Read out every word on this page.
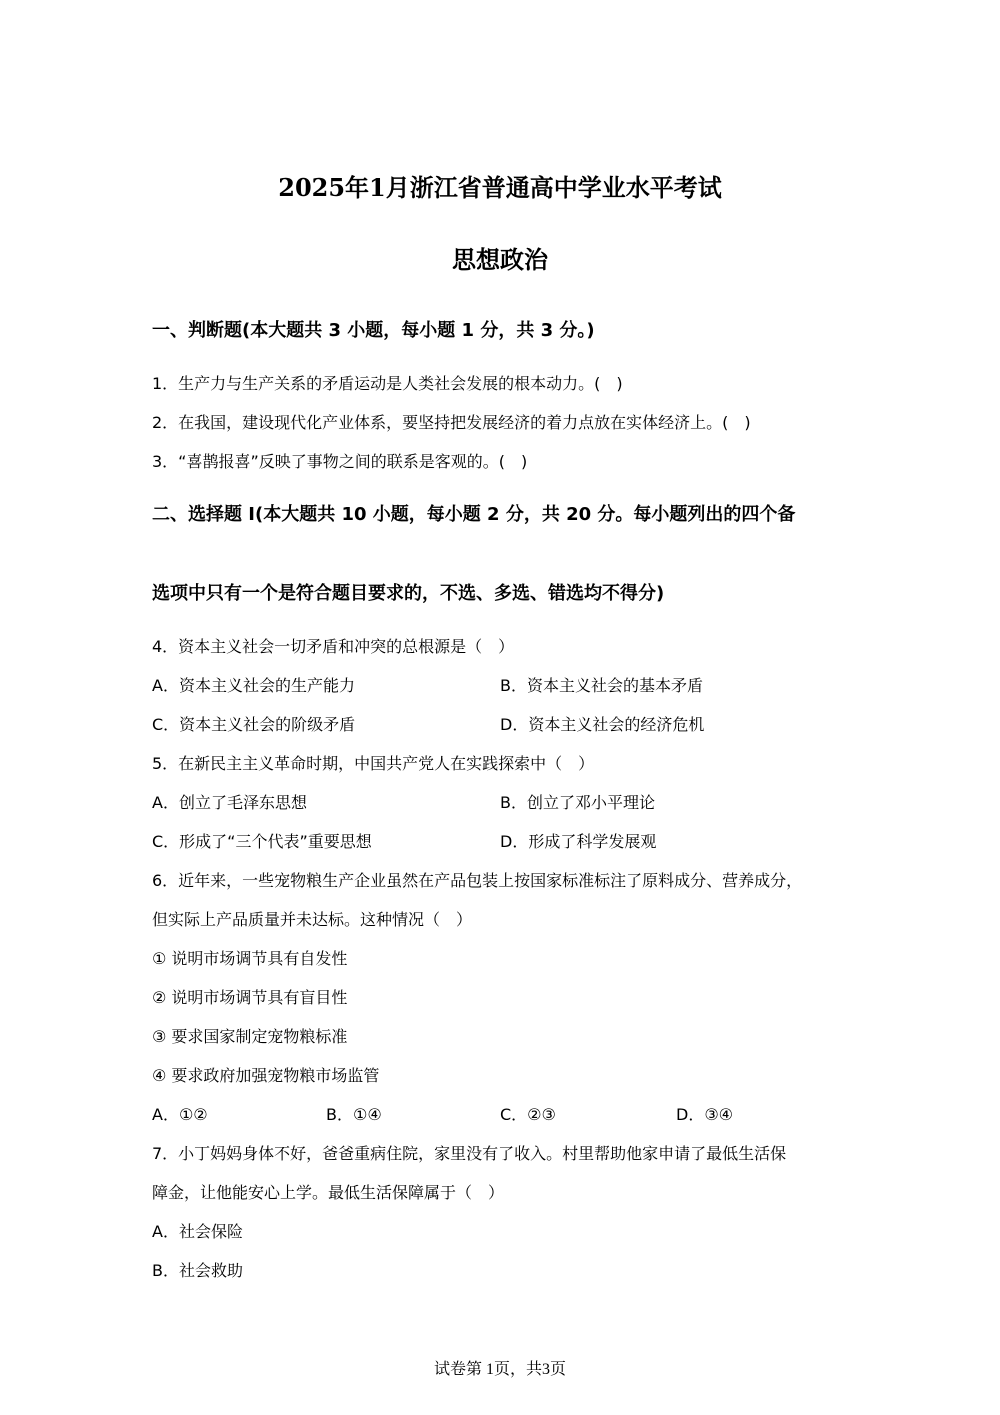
2025年1月浙江省普通高中学业水平考试
思想政治
一、判断题(本大题共 3 小题，每小题 1 分，共 3 分。)
1．生产力与生产关系的矛盾运动是人类社会发展的根本动力。(　)
2．在我国，建设现代化产业体系，要坚持把发展经济的着力点放在实体经济上。(　)
3．“喜鹊报喜”反映了事物之间的联系是客观的。(　)
二、选择题 I(本大题共 10 小题，每小题 2 分，共 20 分。每小题列出的四个备
选项中只有一个是符合题目要求的，不选、多选、错选均不得分)
4．资本主义社会一切矛盾和冲突的总根源是（　）
A．资本主义社会的生产能力	B．资本主义社会的基本矛盾
C．资本主义社会的阶级矛盾	D．资本主义社会的经济危机
5．在新民主主义革命时期，中国共产党人在实践探索中（　）
A．创立了毛泽东思想	B．创立了邓小平理论
C．形成了“三个代表”重要思想	D．形成了科学发展观
6．近年来，一些宠物粮生产企业虽然在产品包装上按国家标准标注了原料成分、营养成分，
但实际上产品质量并未达标。这种情况（　）
① 说明市场调节具有自发性
② 说明市场调节具有盲目性
③ 要求国家制定宠物粮标准
④ 要求政府加强宠物粮市场监管
A．①②	B．①④	C．②③	D．③④
7．小丁妈妈身体不好，爸爸重病住院，家里没有了收入。村里帮助他家申请了最低生活保
障金，让他能安心上学。最低生活保障属于（　）
A．社会保险
B．社会救助
试卷第 1页，共3页
